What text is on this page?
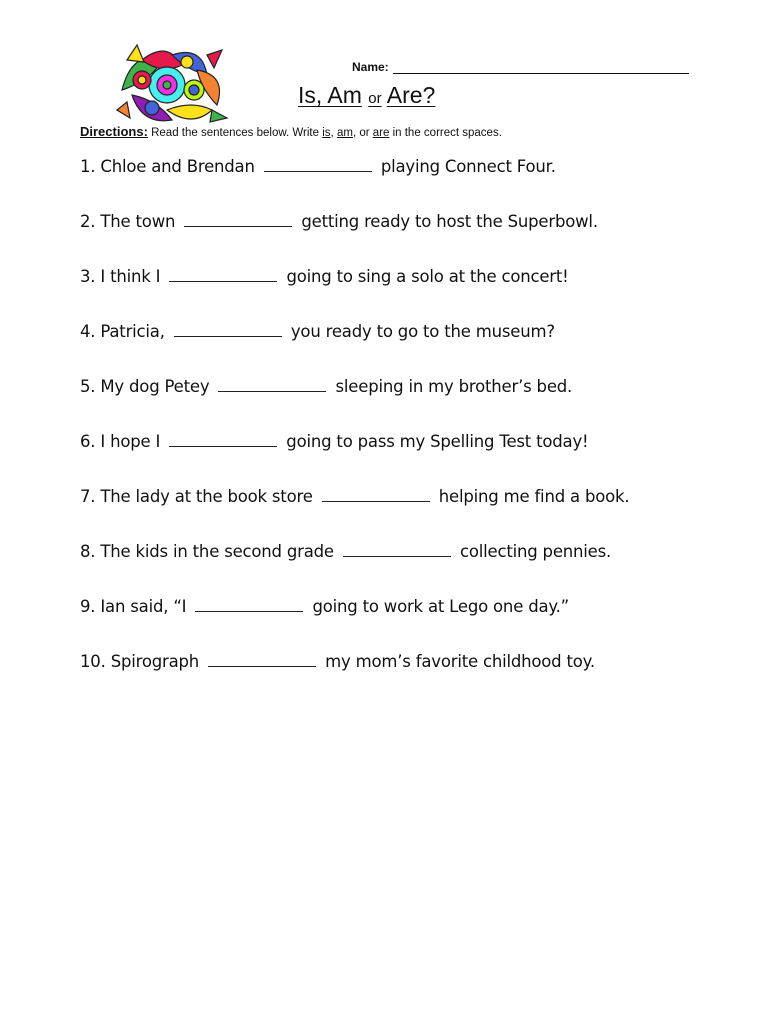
Name:
Is, Am or Are?
Directions: Read the sentences below. Write is, am, or are in the correct spaces.
1. Chloe and Brendan	playing Connect Four.
2. The town	getting ready to host the Superbowl.
3. I think I	going to sing a solo at the concert!
4. Patricia,	you ready to go to the museum?
5. My dog Petey	sleeping in my brother’s bed.
6. I hope I	going to pass my Spelling Test today!
7. The lady at the book store	helping me find a book.
8. The kids in the second grade	collecting pennies.
9. Ian said, “I	going to work at Lego one day.”
10. Spirograph	my mom’s favorite childhood toy.
